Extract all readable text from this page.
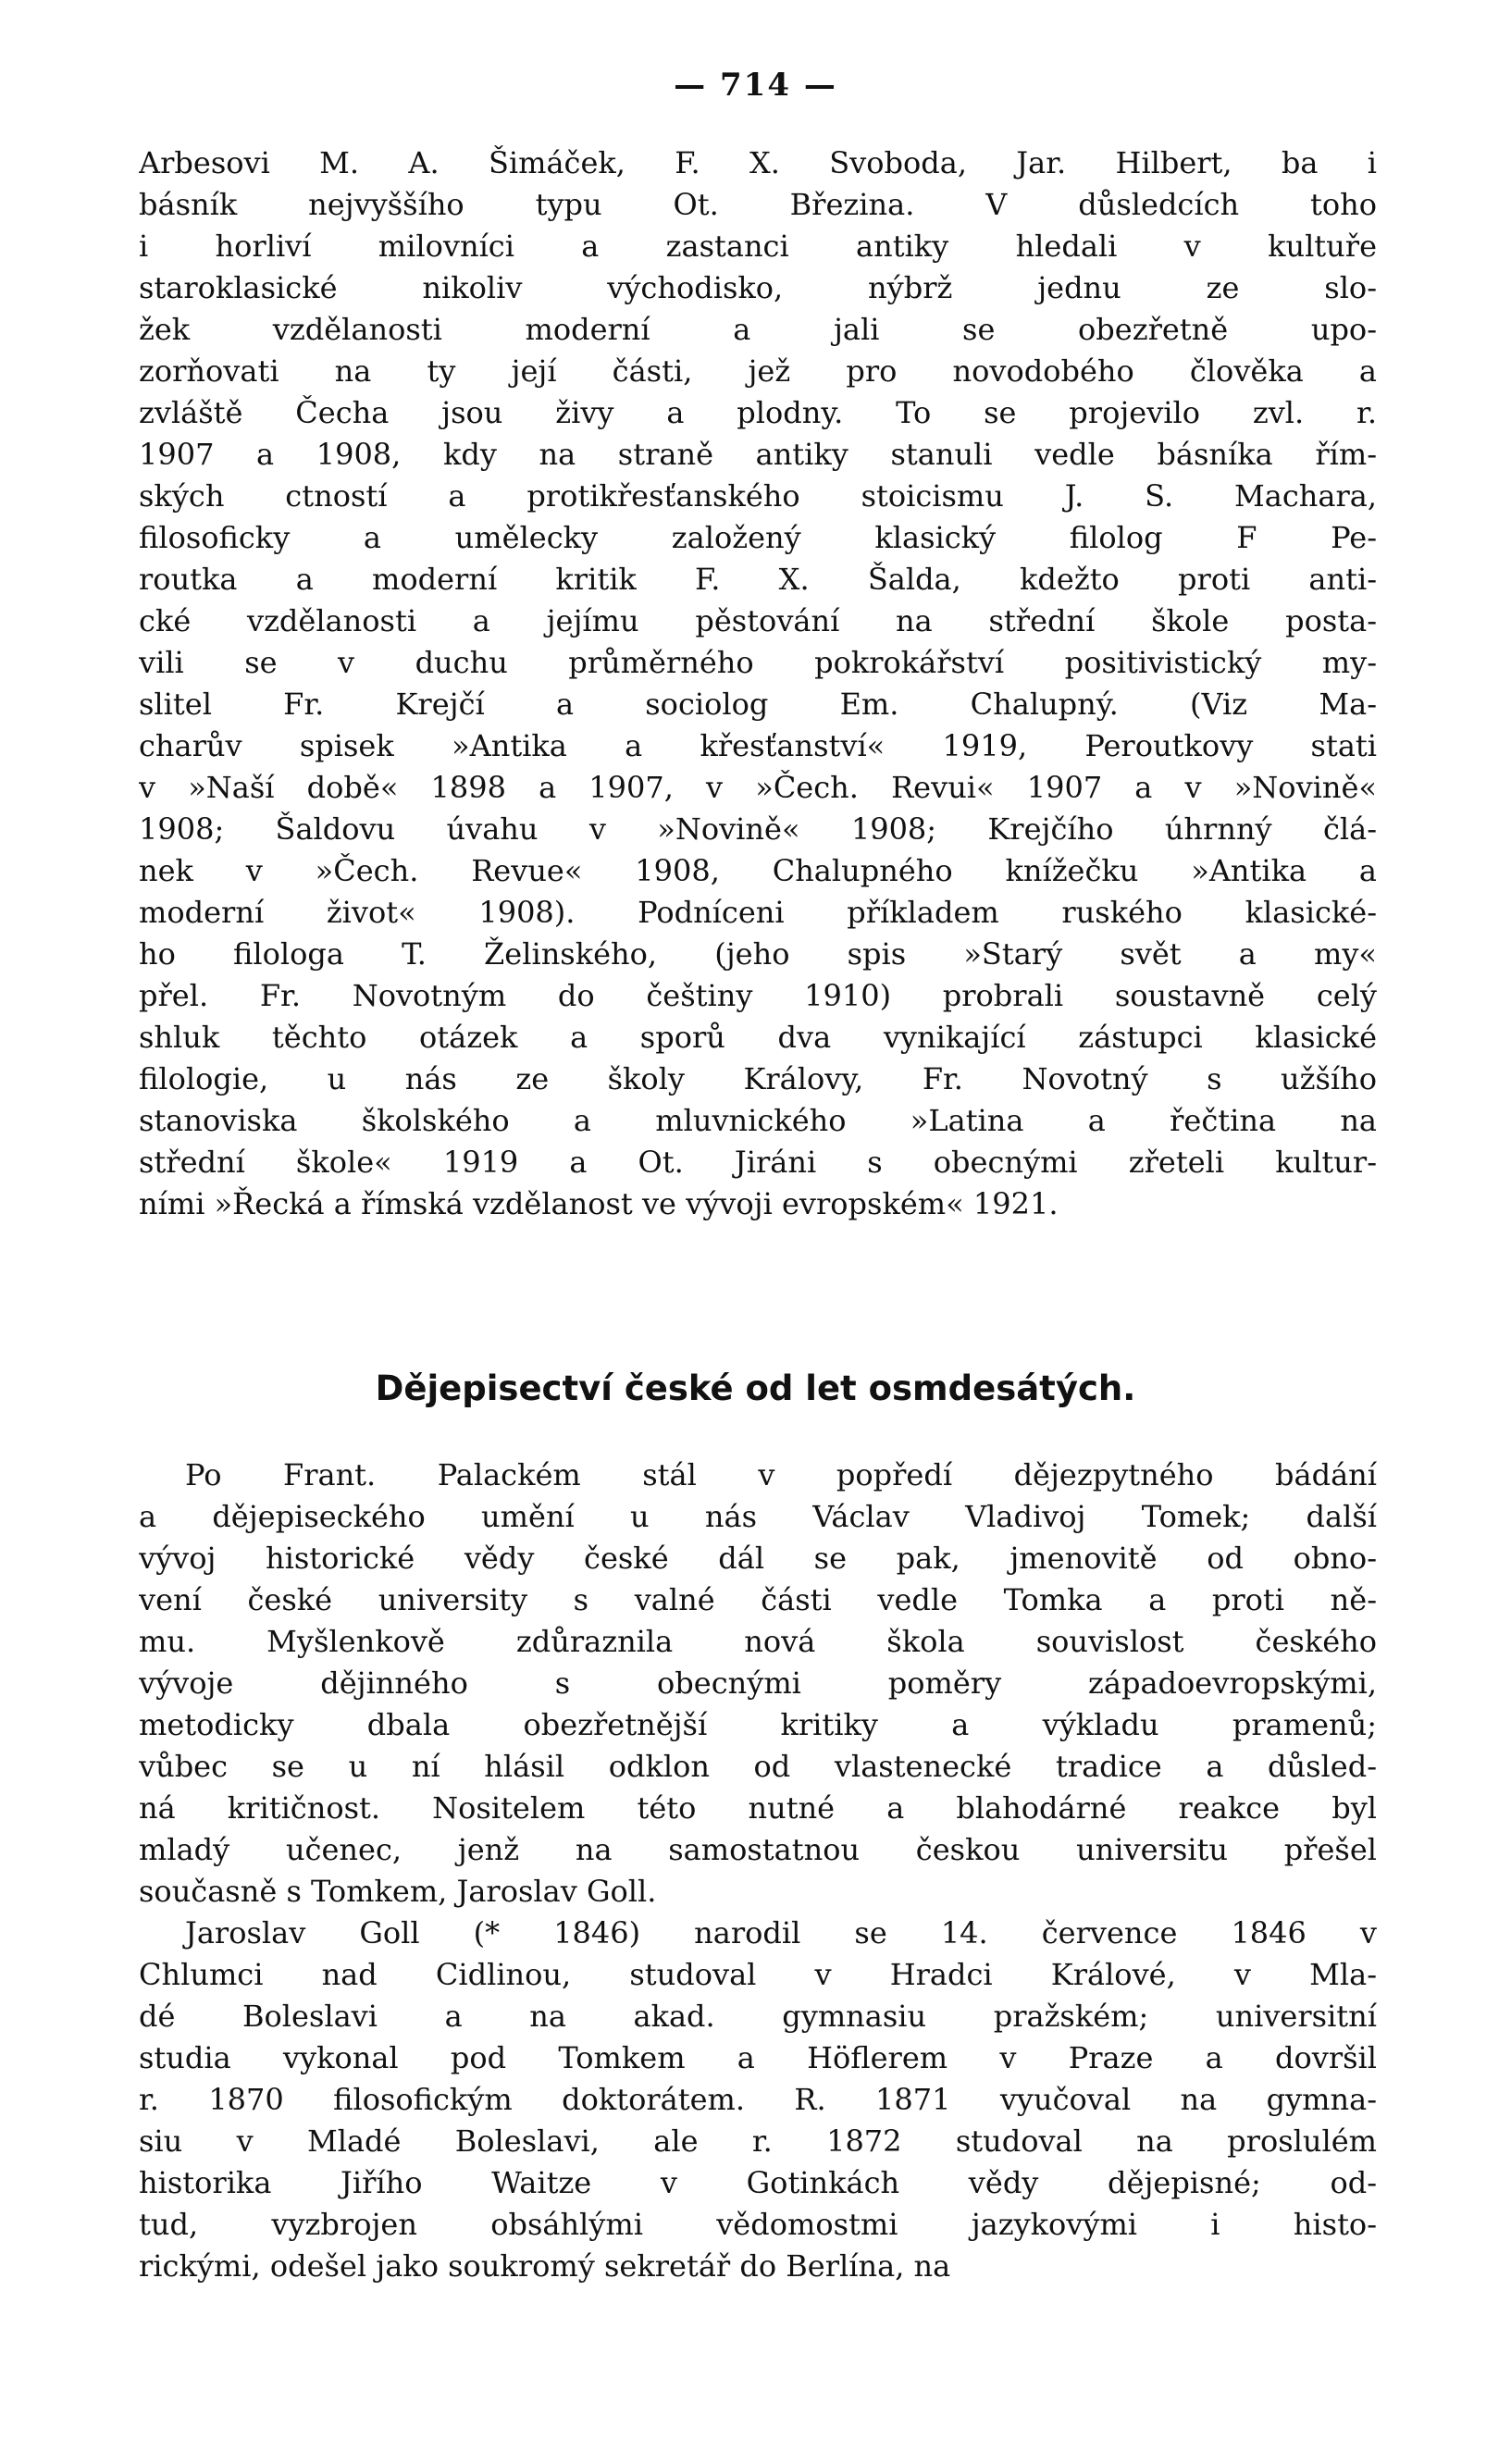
— 714 —
Arbesovi M. A. Šimáček, F. X. Svoboda, Jar. Hilbert, ba i
básník nejvyššího typu Ot. Březina. V důsledcích toho
i horliví milovníci a zastanci antiky hledali v kultuře
staroklasické nikoliv východisko, nýbrž jednu ze slo-
žek vzdělanosti moderní a jali se obezřetně upo-
zorňovati na ty její části, jež pro novodobého člověka a
zvláště Čecha jsou živy a plodny. To se projevilo zvl. r.
1907 a 1908, kdy na straně antiky stanuli vedle básníka řím-
ských ctností a protikřesťanského stoicismu J. S. Machara,
filosoficky a umělecky založený klasický filolog F Pe-
routka a moderní kritik F. X. Šalda, kdežto proti anti-
cké vzdělanosti a jejímu pěstování na střední škole posta-
vili se v duchu průměrného pokrokářství positivistický my-
slitel Fr. Krejčí a sociolog Em. Chalupný. (Viz Ma-
charův spisek »Antika a křesťanství« 1919, Peroutkovy stati
v »Naší době« 1898 a 1907, v »Čech. Revui« 1907 a v »Novině«
1908; Šaldovu úvahu v »Novině« 1908; Krejčího úhrnný člá-
nek v »Čech. Revue« 1908, Chalupného knížečku »Antika a
moderní život« 1908). Podníceni příkladem ruského klasické-
ho filologa T. Želinského, (jeho spis »Starý svět a my«
přel. Fr. Novotným do češtiny 1910) probrali soustavně celý
shluk těchto otázek a sporů dva vynikající zástupci klasické
filologie, u nás ze školy Královy, Fr. Novotný s užšího
stanoviska školského a mluvnického »Latina a řečtina na
střední škole« 1919 a Ot. Jiráni s obecnými zřeteli kultur-
ními »Řecká a římská vzdělanost ve vývoji evropském« 1921.
Dějepisectví české od let osmdesátých.
Po Frant. Palackém stál v popředí dějezpytného bádání
a dějepiseckého umění u nás Václav Vladivoj Tomek; další
vývoj historické vědy české dál se pak, jmenovitě od obno-
vení české university s valné části vedle Tomka a proti ně-
mu. Myšlenkově zdůraznila nová škola souvislost českého
vývoje dějinného s obecnými poměry západoevropskými,
metodicky dbala obezřetnější kritiky a výkladu pramenů;
vůbec se u ní hlásil odklon od vlastenecké tradice a důsled-
ná kritičnost. Nositelem této nutné a blahodárné reakce byl
mladý učenec, jenž na samostatnou českou universitu přešel
současně s Tomkem, Jaroslav Goll.
Jaroslav Goll (* 1846) narodil se 14. července 1846 v
Chlumci nad Cidlinou, studoval v Hradci Králové, v Mla-
dé Boleslavi a na akad. gymnasiu pražském; universitní
studia vykonal pod Tomkem a Höflerem v Praze a dovršil
r. 1870 filosofickým doktorátem. R. 1871 vyučoval na gymna-
siu v Mladé Boleslavi, ale r. 1872 studoval na proslulém
historika Jiřího Waitze v Gotinkách vědy dějepisné; od-
tud, vyzbrojen obsáhlými vědomostmi jazykovými i histo-
rickými, odešel jako soukromý sekretář do Berlína, na
